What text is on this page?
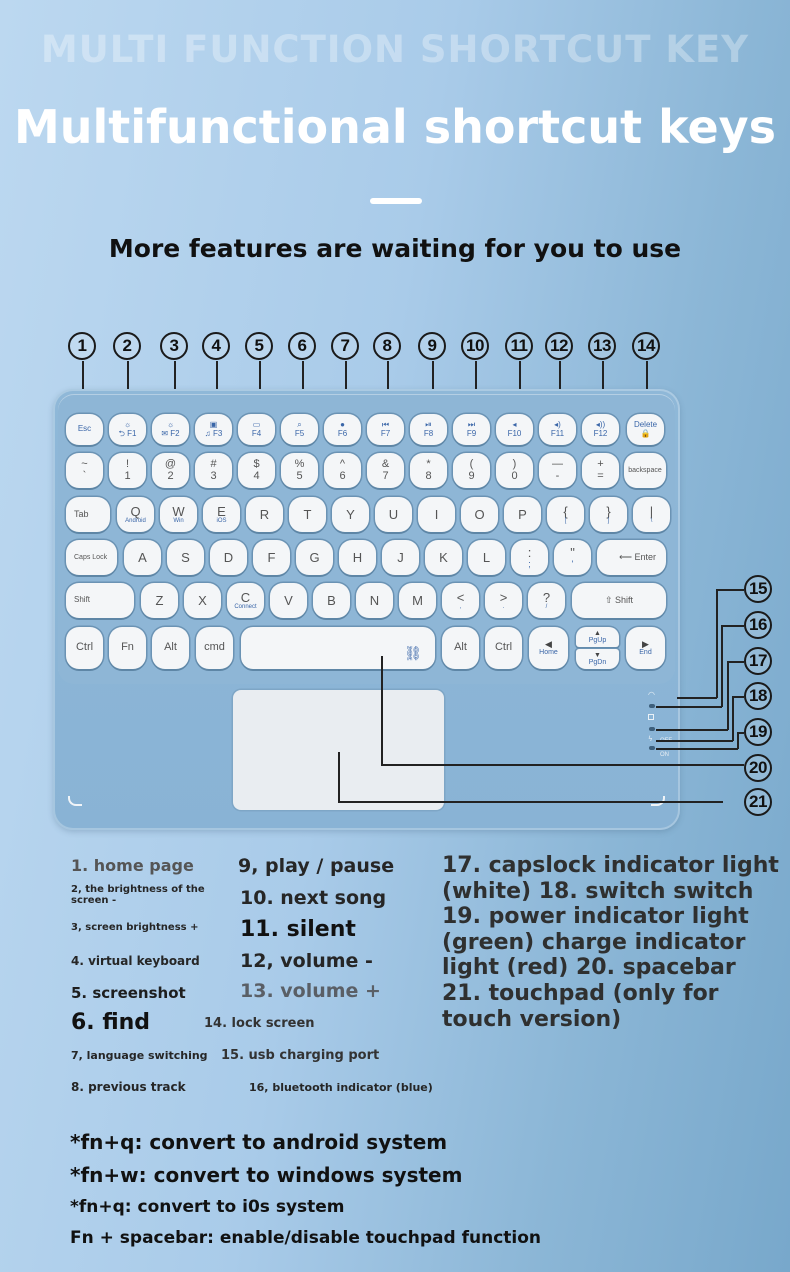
MULTI FUNCTION SHORTCUT KEY
Multifunctional shortcut keys
More features are waiting for you to use
1	2	3	4	5	6	7	8	9	10	11	12 13 14
Esc	☼
⮌ F1
☼
✉ F2
▣
♫ F3
▭
F4
⌕
F5
●
F6
⏮
F7
⏯
F8
⏭
F9
◂
F10
◂)
F11
◂))
F12
Delete
🔒
~
`
!
1
@
2
#
3
$
4
%
5
^
6
&
7
*
8
(
9
)
0
—
-
+
=	backspace
Tab	Q
Android
W
Win
E
iOS	R	T	Y	U	I	O	P	{
[
}
]
|
\
Caps Lock A	S	D	F	G	H	J	K	L	:
;
"
'
⟵ Enter
Shift	Z	X	C
Connect V	B	N	M	<
,
>
.
?
/
⇧ Shift
Ctrl	Fn	Alt cmd	⛓	Alt	Ctrl	◀
Home
▲
PgUp
▼
PgDn
▶
End
◠
ϟ
ON
15
16
17
18
19
20
21
1. home page
2, the brightness of the screen -
3, screen brightness +
4. virtual keyboard
5. screenshot
6. find
7, language switching
8. previous track
9, play / pause
10. next song
11. silent
12, volume -
13. volume +
14. lock screen
15. usb charging port
16, bluetooth indicator (blue)
17. capslock indicator light (white) 18. switch switch 19. power indicator light (green) charge indicator light (red) 20. spacebar 21. touchpad (only for touch version)
*fn+q: convert to android system
*fn+w: convert to windows system
*fn+q: convert to i0s system
Fn + spacebar: enable/disable touchpad function
